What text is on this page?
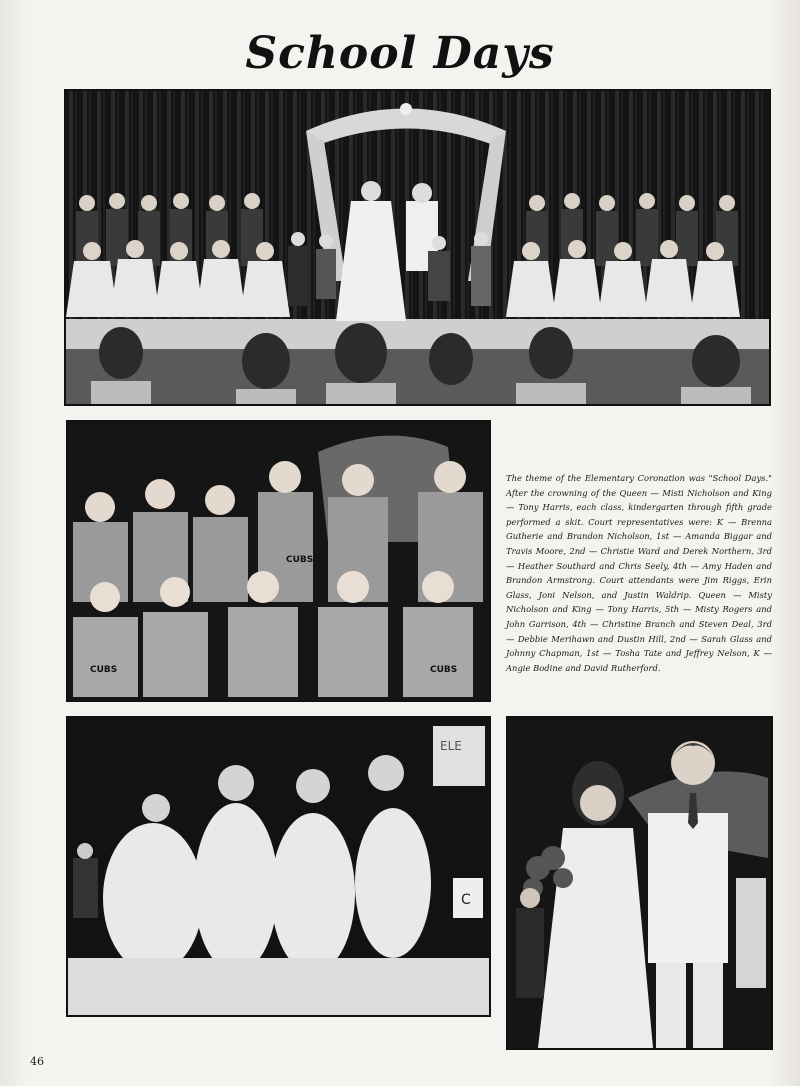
School Days
CUBS
CUBS	CUBS
The theme of the Elementary Coronation was "School Days." After the crowning of the Queen — Misti Nicholson and King — Tony Harris, each class, kindergarten through fifth grade performed a skit. Court representatives were: K — Brenna Gutherie and Brandon Nicholson, 1st — Amanda Biggar and Travis Moore, 2nd — Christie Ward and Derek Northern, 3rd — Heather Southard and Chris Seely, 4th — Amy Haden and Brandon Armstrong. Court attendants were Jim Riggs, Erin Glass, Joni Nelson, and Justin Waldrip. Queen — Misty Nicholson and King — Tony Harris, 5th — Misty Rogers and John Garrison, 4th — Christine Branch and Steven Deal, 3rd — Debbie Merihawn and Dustin Hill, 2nd — Sarah Glass and Johnny Chapman, 1st — Tosha Tate and Jeffrey Nelson, K — Angie Bodine and David Rutherford.
ELE
C
46
